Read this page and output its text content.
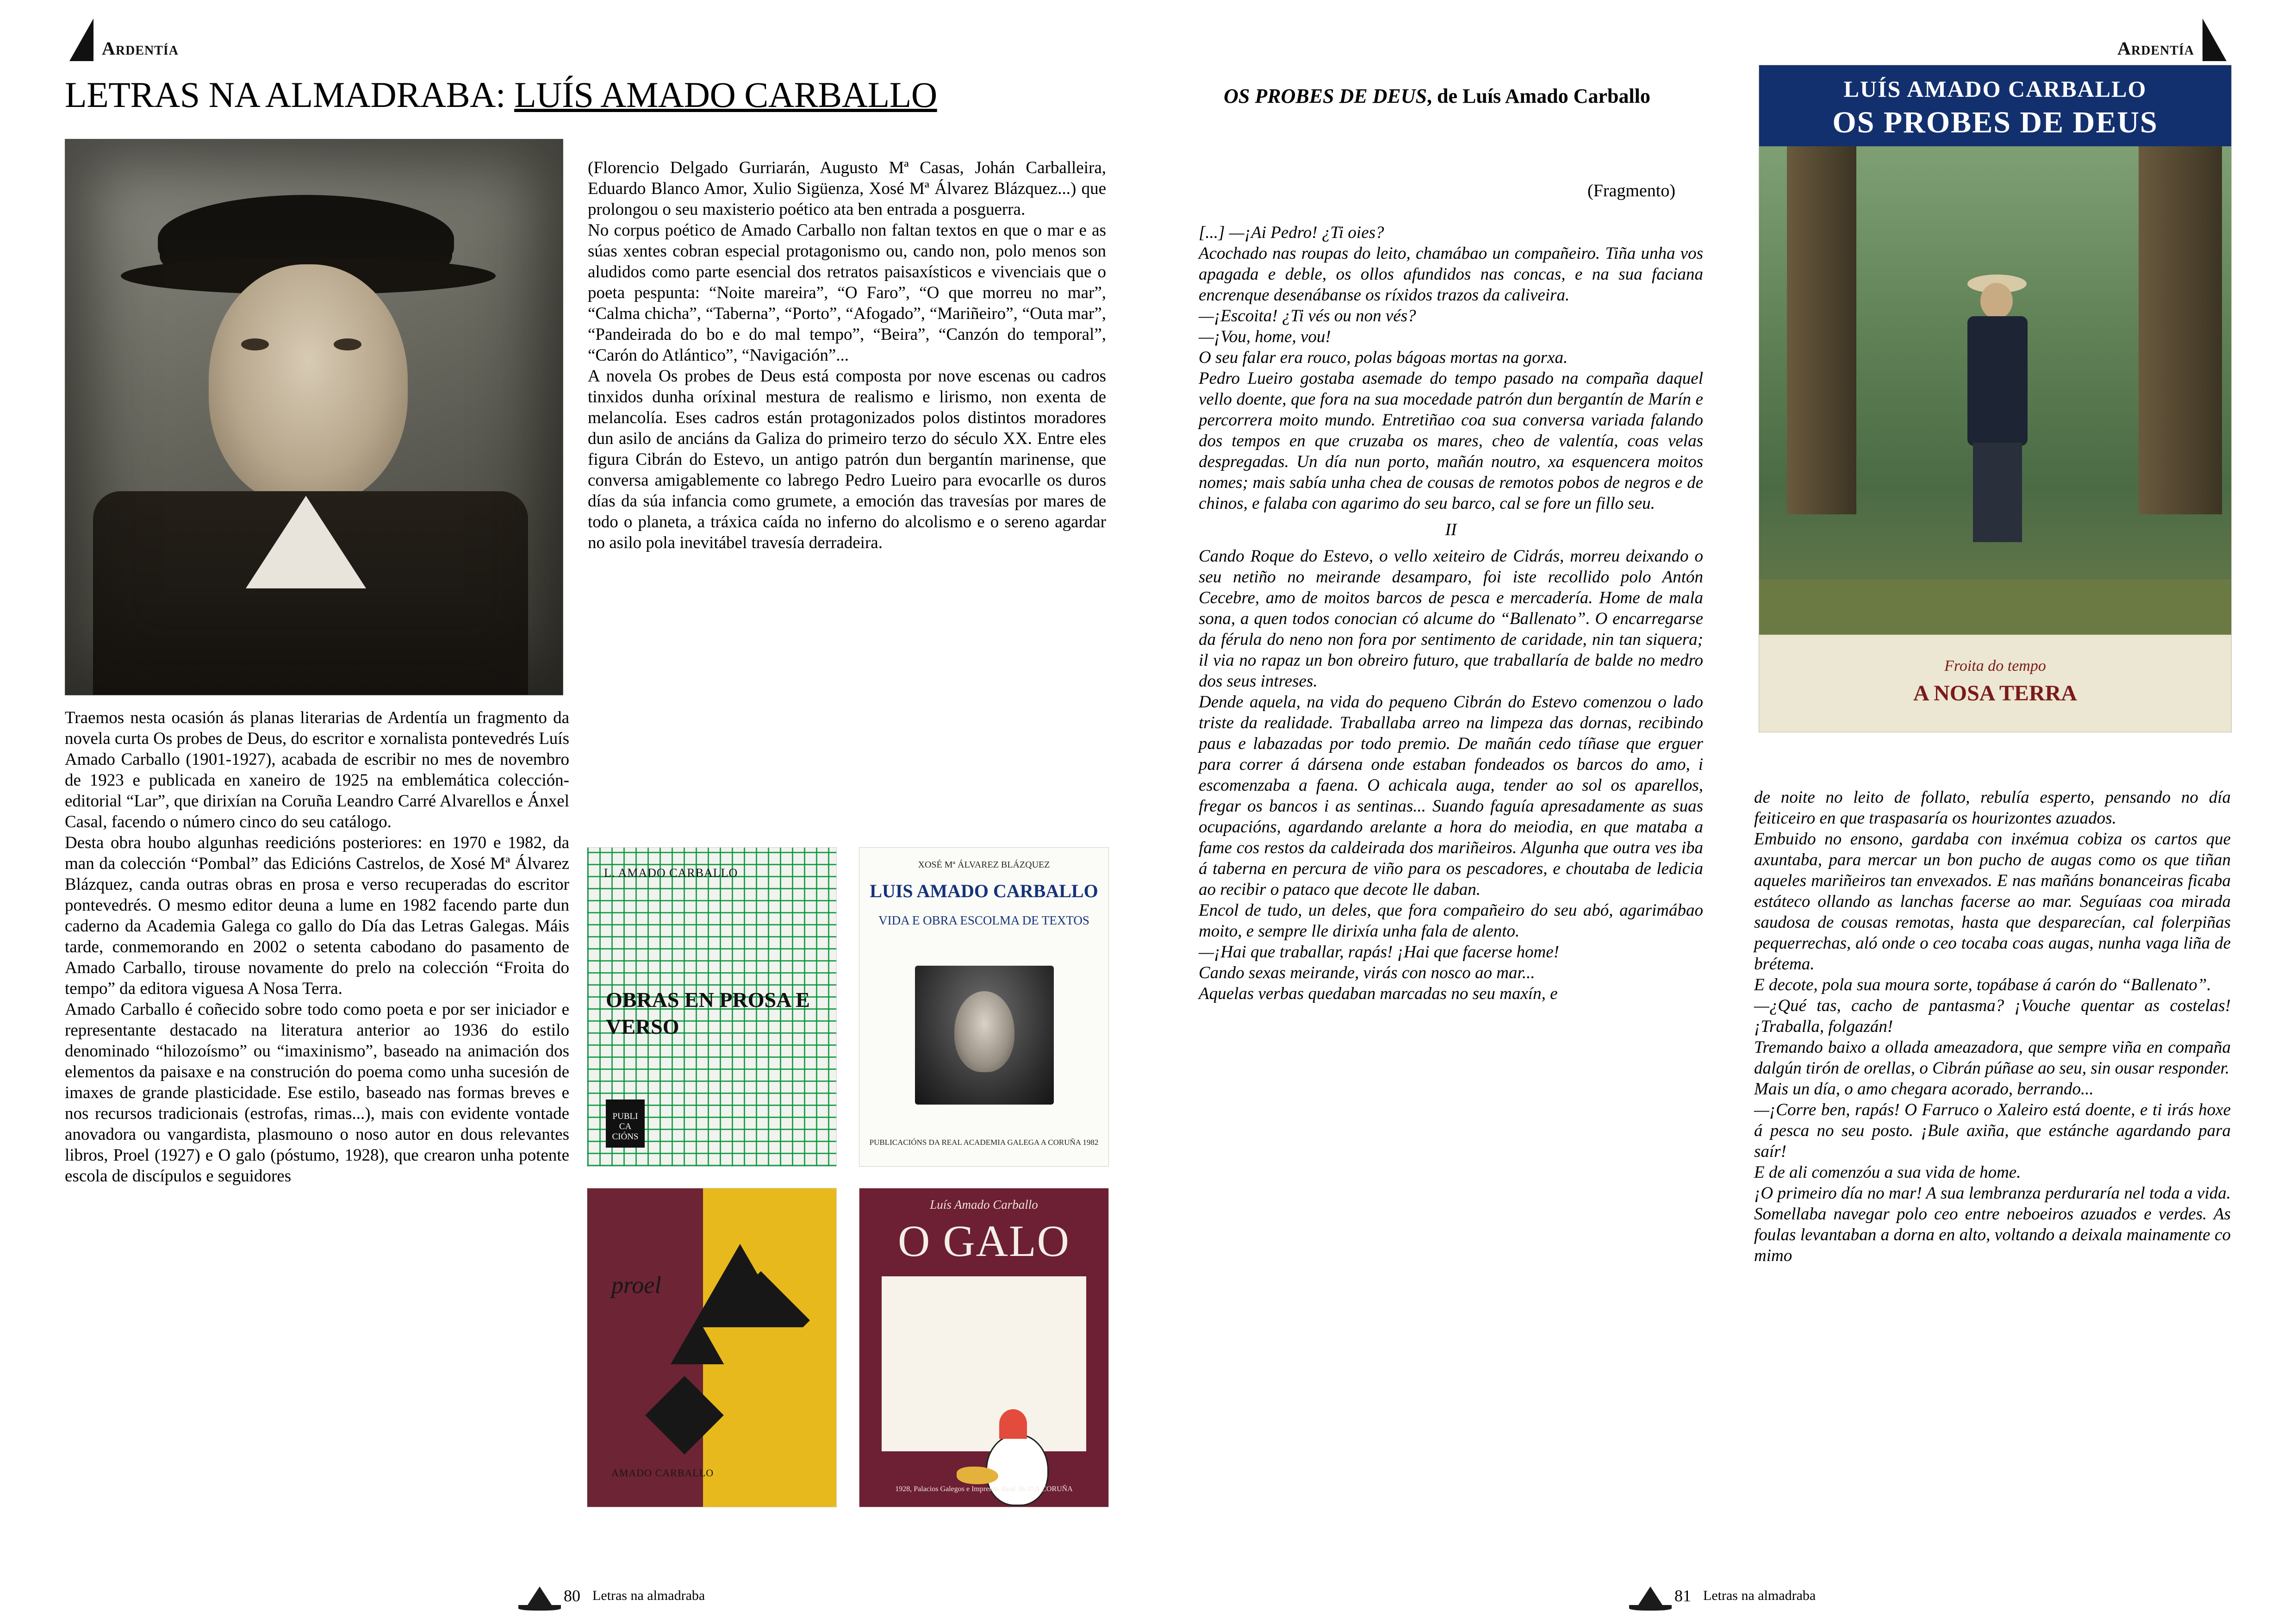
Ardentía	Ardentía
LETRAS NA ALMADRABA: LUÍS AMADO CARBALLO

Traemos nesta ocasión ás planas literarias de Ardentía un fragmento da novela curta Os probes de Deus, do escritor e xornalista pontevedrés Luís Amado Carballo (1901-1927), acabada de escribir no mes de novembro de 1923 e publicada en xaneiro de 1925 na emblemática colección-editorial “Lar”, que dirixían na Coruña Leandro Carré Alvarellos e Ánxel Casal, facendo o número cinco do seu catálogo.

Desta obra houbo algunhas reedicións posteriores: en 1970 e 1982, da man da colección “Pombal” das Edicións Castrelos, de Xosé Mª Álvarez Blázquez, canda outras obras en prosa e verso recuperadas do escritor pontevedrés. O mesmo editor deuna a lume en 1982 facendo parte dun caderno da Academia Galega co gallo do Día das Letras Galegas. Máis tarde, conmemorando en 2002 o setenta cabodano do pasamento de Amado Carballo, tirouse novamente do prelo na colección “Froita do tempo” da editora viguesa A Nosa Terra.

Amado Carballo é coñecido sobre todo como poeta e por ser iniciador e representante destacado na literatura anterior ao 1936 do estilo denominado “hilozoísmo” ou “imaxinismo”, baseado na animación dos elementos da paisaxe e na construción do poema como unha sucesión de imaxes de grande plasticidade. Ese estilo, baseado nas formas breves e nos recursos tradicionais (estrofas, rimas...), mais con evidente vontade anovadora ou vangardista, plasmouno o noso autor en dous relevantes libros, Proel (1927) e O galo (póstumo, 1928), que crearon unha potente escola de discípulos e seguidores

(Florencio Delgado Gurriarán, Augusto Mª Casas, Johán Carballeira, Eduardo Blanco Amor, Xulio Sigüenza, Xosé Mª Álvarez Blázquez...) que prolongou o seu maxisterio poético ata ben entrada a posguerra.

No corpus poético de Amado Carballo non faltan textos en que o mar e as súas xentes cobran especial protagonismo ou, cando non, polo menos son aludidos como parte esencial dos retratos paisaxísticos e vivenciais que o poeta pespunta: “Noite mareira”, “O Faro”, “O que morreu no mar”, “Calma chicha”, “Taberna”, “Porto”, “Afogado”, “Mariñeiro”, “Outa mar”, “Pandeirada do bo e do mal tempo”, “Beira”, “Canzón do temporal”, “Carón do Atlántico”, “Navigación”...

A novela Os probes de Deus está composta por nove escenas ou cadros tinxidos dunha oríxinal mestura de realismo e lirismo, non exenta de melancolía. Eses cadros están protagonizados polos distintos moradores dun asilo de anciáns da Galiza do primeiro terzo do século XX. Entre eles figura Cibrán do Estevo, un antigo patrón dun bergantín marinense, que conversa amigablemente co labrego Pedro Lueiro para evocarlle os duros días da súa infancia como grumete, a emoción das travesías por mares de todo o planeta, a tráxica caída no inferno do alcolismo e o sereno agardar no asilo pola inevitábel travesía derradeira.

L. AMADO CARBALLO
OBRAS EN PROSA E VERSO
PUBLI CA CIÓNS
XOSÉ Mª ÁLVAREZ BLÁZQUEZ
LUIS AMADO CARBALLO
VIDA E OBRA ESCOLMA DE TEXTOS
PUBLICACIÓNS DA REAL ACADEMIA GALEGA A CORUÑA 1982
proel
AMADO CARBALLO
Luís Amado Carballo
O GALO
1928, Palacios Galegos e Imprenta, Real 36-1º A CORUÑA
OS PROBES DE DEUS, de Luís Amado Carballo
(Fragmento)
LUÍS AMADO CARBALLO
OS PROBES DE DEUS
Froita do tempo
A NOSA TERRA

[...] —¡Ai Pedro! ¿Ti oies?

Acochado nas roupas do leito, chamábao un compañeiro. Tiña unha vos apagada e deble, os ollos afundidos nas concas, e na sua faciana encrenque desenábanse os ríxidos trazos da caliveira.

—¡Escoita! ¿Ti vés ou non vés?

—¡Vou, home, vou!

O seu falar era rouco, polas bágoas mortas na gorxa.

Pedro Lueiro gostaba asemade do tempo pasado na compaña daquel vello doente, que fora na sua mocedade patrón dun bergantín de Marín e percorrera moito mundo. Entretiñao coa sua conversa variada falando dos tempos en que cruzaba os mares, cheo de valentía, coas velas despregadas. Un día nun porto, mañán noutro, xa esquencera moitos nomes; mais sabía unha chea de cousas de remotos pobos de negros e de chinos, e falaba con agarimo do seu barco, cal se fore un fillo seu.

II

Cando Roque do Estevo, o vello xeiteiro de Cidrás, morreu deixando o seu netiño no meirande desamparo, foi iste recollido polo Antón Cecebre, amo de moitos barcos de pesca e mercadería. Home de mala sona, a quen todos conocian có alcume do “Ballenato”. O encarregarse da férula do neno non fora por sentimento de caridade, nin tan siquera; il via no rapaz un bon obreiro futuro, que traballaría de balde no medro dos seus intreses.

Dende aquela, na vida do pequeno Cibrán do Estevo comenzou o lado triste da realidade. Traballaba arreo na limpeza das dornas, recibindo paus e labazadas por todo premio. De mañán cedo tíñase que erguer para correr á dársena onde estaban fondeados os barcos do amo, i escomenzaba a faena. O achicala auga, tender ao sol os aparellos, fregar os bancos i as sentinas... Suando faguía apresadamente as suas ocupacións, agardando arelante a hora do meiodia, en que mataba a fame cos restos da caldeirada dos mariñeiros. Algunha que outra ves iba á taberna en percura de viño para os pescadores, e choutaba de ledicia ao recibir o pataco que decote lle daban.

Encol de tudo, un deles, que fora compañeiro do seu abó, agarimábao moito, e sempre lle dirixía unha fala de alento.

—¡Hai que traballar, rapás! ¡Hai que facerse home!

Cando sexas meirande, virás con nosco ao mar...

Aquelas verbas quedaban marcadas no seu maxín, e

de noite no leito de follato, rebulía esperto, pensando no día feiticeiro en que traspasaría os hourizontes azuados.

Embuido no ensono, gardaba con inxémua cobiza os cartos que axuntaba, para mercar un bon pucho de augas como os que tiñan aqueles mariñeiros tan envexados. E nas mañáns bonanceiras ficaba estáteco ollando as lanchas facerse ao mar. Seguíaas coa mirada saudosa de cousas remotas, hasta que desparecían, cal folerpiñas pequerrechas, aló onde o ceo tocaba coas augas, nunha vaga liña de brétema.

E decote, pola sua moura sorte, topábase á carón do “Ballenato”.

—¿Qué tas, cacho de pantasma? ¡Vouche quentar as costelas! ¡Traballa, folgazán!

Tremando baixo a ollada ameazadora, que sempre viña en compaña dalgún tirón de orellas, o Cibrán púñase ao seu, sin ousar responder.

Mais un día, o amo chegara acorado, berrando...

—¡Corre ben, rapás! O Farruco o Xaleiro está doente, e ti irás hoxe á pesca no seu posto. ¡Bule axiña, que estánche agardando para saír!

E de ali comenzóu a sua vida de home.

¡O primeiro día no mar! A sua lembranza perduraría nel toda a vida. Somellaba navegar polo ceo entre neboeiros azuados e verdes. As foulas levantaban a dorna en alto, voltando a deixala mainamente co mimo

80 Letras na almadraba	81 Letras na almadraba
